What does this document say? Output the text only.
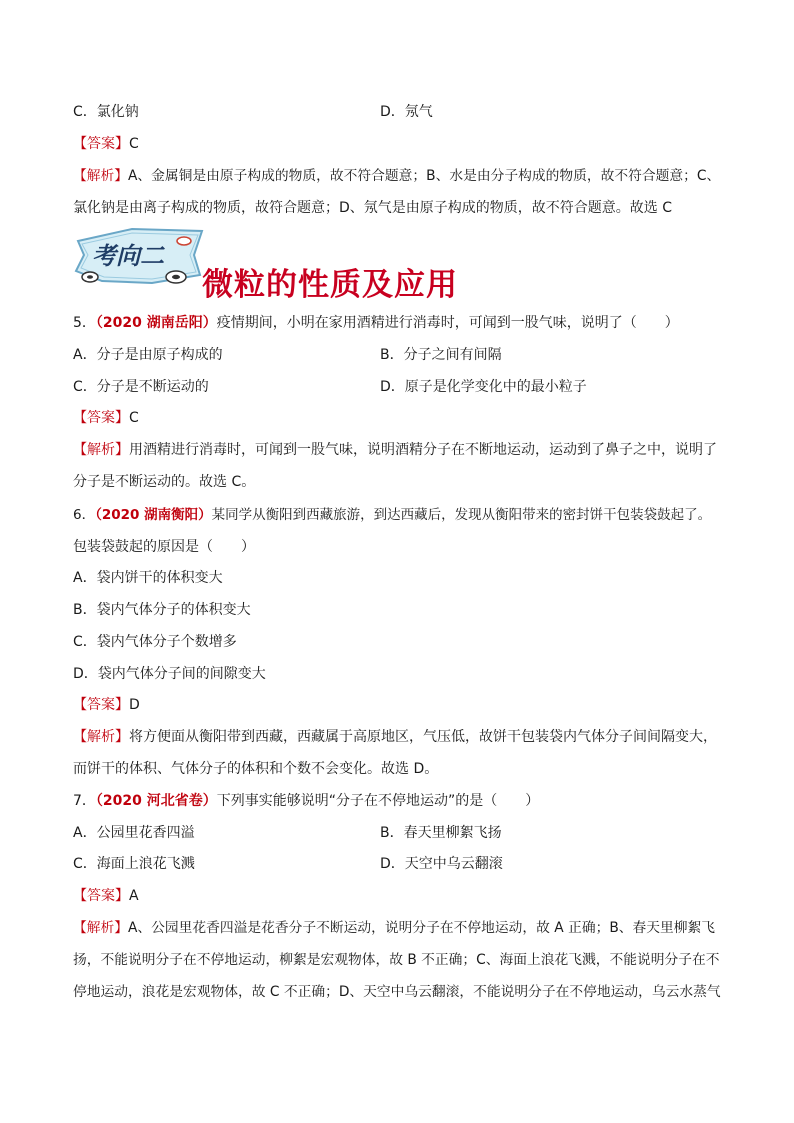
C．氯化钠	D．氖气
【答案】C
【解析】A、金属铜是由原子构成的物质，故不符合题意；B、水是由分子构成的物质，故不符合题意；C、
氯化钠是由离子构成的物质，故符合题意；D、氖气是由原子构成的物质，故不符合题意。故选 C
考向二
微粒的性质及应用
5．（2020 湖南岳阳）疫情期间，小明在家用酒精进行消毒时，可闻到一股气味，说明了（　　）
A．分子是由原子构成的	B．分子之间有间隔
C．分子是不断运动的	D．原子是化学变化中的最小粒子
【答案】C
【解析】用酒精进行消毒时，可闻到一股气味，说明酒精分子在不断地运动，运动到了鼻子之中，说明了
分子是不断运动的。故选 C。
6．（2020 湖南衡阳）某同学从衡阳到西藏旅游，到达西藏后，发现从衡阳带来的密封饼干包装袋鼓起了。
包装袋鼓起的原因是（　　）
A．袋内饼干的体积变大
B．袋内气体分子的体积变大
C．袋内气体分子个数增多
D．袋内气体分子间的间隙变大
【答案】D
【解析】将方便面从衡阳带到西藏，西藏属于高原地区，气压低，故饼干包装袋内气体分子间间隔变大，
而饼干的体积、气体分子的体积和个数不会变化。故选 D。
7．（2020 河北省卷）下列事实能够说明“分子在不停地运动”的是（　　）
A．公园里花香四溢	B．春天里柳絮飞扬
C．海面上浪花飞溅	D．天空中乌云翻滚
【答案】A
【解析】A、公园里花香四溢是花香分子不断运动，说明分子在不停地运动，故 A 正确；B、春天里柳絮飞
扬，不能说明分子在不停地运动，柳絮是宏观物体，故 B 不正确；C、海面上浪花飞溅，不能说明分子在不
停地运动，浪花是宏观物体，故 C 不正确；D、天空中乌云翻滚，不能说明分子在不停地运动，乌云水蒸气
